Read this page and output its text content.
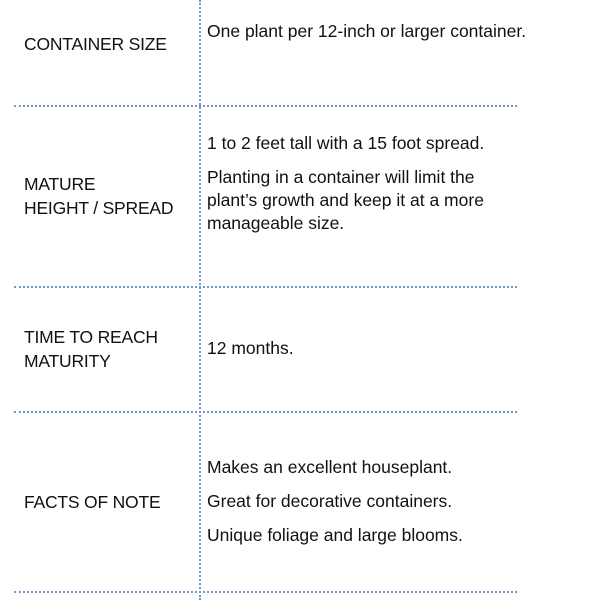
CONTAINER SIZE

One plant per 12-inch or larger container.

MATURE
HEIGHT / SPREAD

1 to 2 feet tall with a 15 foot spread.

Planting in a container will limit the plant’s growth and keep it at a more manageable size.

TIME TO REACH
MATURITY

12 months.

FACTS OF NOTE

Makes an excellent houseplant.

Great for decorative containers.

Unique foliage and large blooms.
